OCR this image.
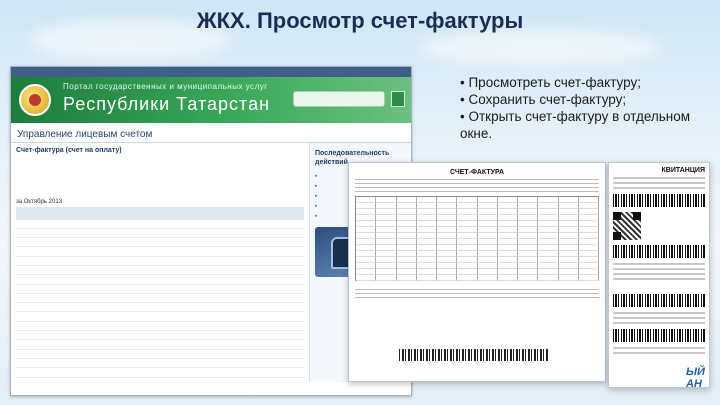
ЖКХ. Просмотр счет-фактуры
Портал государственных и муниципальных услуг
Республики Татарстан
Управление лицевым счетом
Счет-фактура (счет на оплату)

за Октябрь 2013

Последовательность действий
▸
▸
▸
▸
▸
• Просмотреть счет-фактуру;
• Сохранить счет-фактуру;
• Открыть счет-фактуру в отдельном окне.
СЧЕТ-ФАКТУРА	КВИТАНЦИЯ
ЫЙ АН
